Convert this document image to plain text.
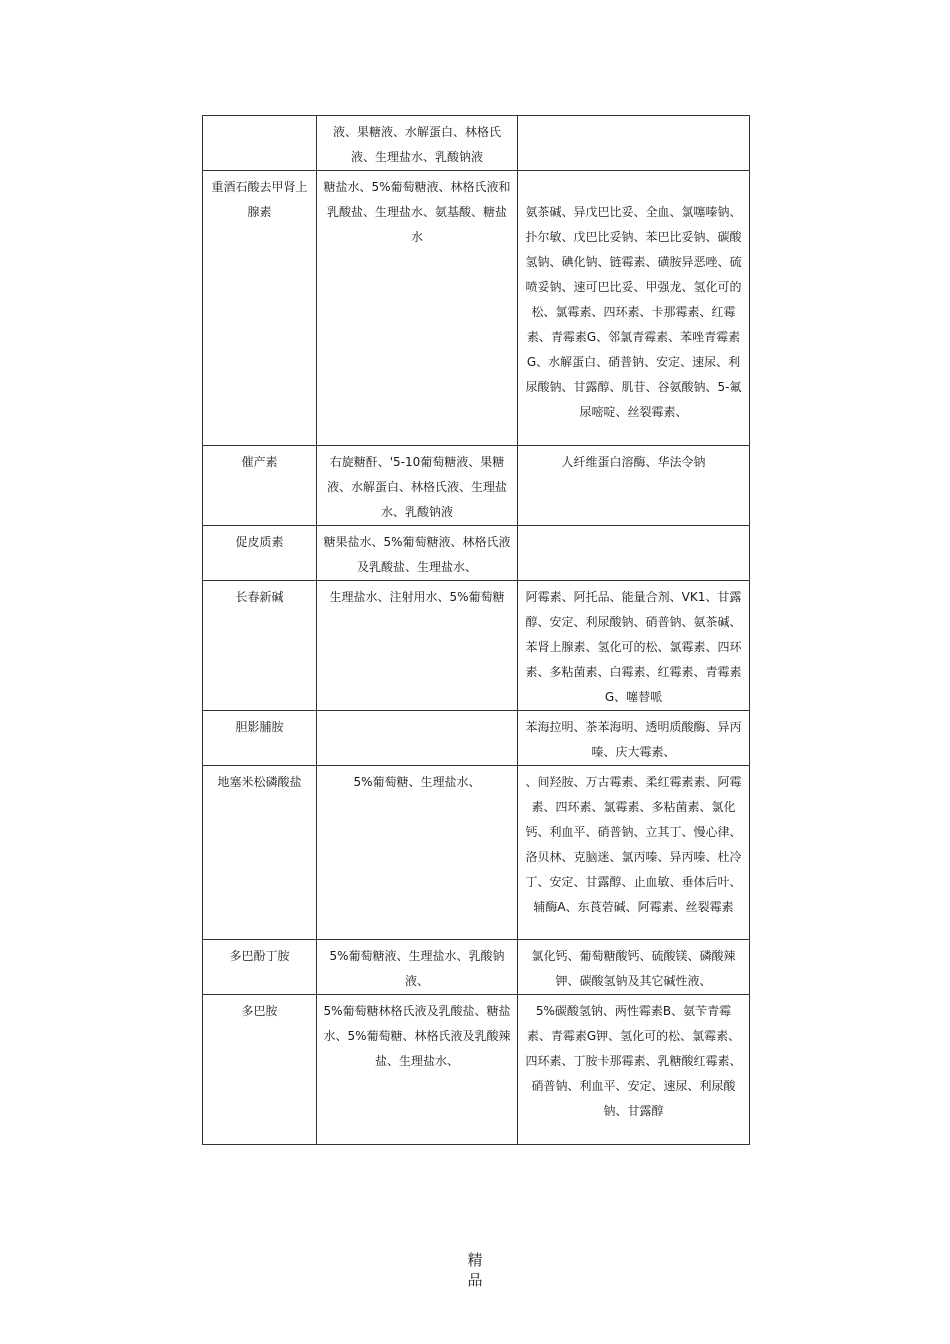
	液、果糖液、水解蛋白、林格氏液、生理盐水、乳酸钠液	
重酒石酸去甲肾上腺素	糖盐水、5%葡萄糖液、林格氏液和乳酸盐、生理盐水、氨基酸、糖盐水	氨茶碱、异戊巴比妥、全血、氯噻嗪钠、扑尔敏、戊巴比妥钠、苯巴比妥钠、碳酸氢钠、碘化钠、链霉素、磺胺异恶唑、硫喷妥钠、速可巴比妥、甲强龙、氢化可的松、氯霉素、四环素、卡那霉素、红霉素、青霉素G、邻氯青霉素、苯唑青霉素G、水解蛋白、硝普钠、安定、速尿、利尿酸钠、甘露醇、肌苷、谷氨酸钠、5-氟尿嘧啶、丝裂霉素、
催产素	右旋糖酐、'5-10葡萄糖液、果糖液、水解蛋白、林格氏液、生理盐水、乳酸钠液	人纤维蛋白溶酶、华法令钠
促皮质素	糖果盐水、5%葡萄糖液、林格氏液及乳酸盐、生理盐水、	
长春新碱	生理盐水、注射用水、5%葡萄糖	阿霉素、阿托品、能量合剂、VK1、甘露醇、安定、利尿酸钠、硝普钠、氨茶碱、苯肾上腺素、氢化可的松、氯霉素、四环素、多粘菌素、白霉素、红霉素、青霉素G、噻替哌
胆影脯胺		苯海拉明、茶苯海明、透明质酸酶、异丙嗪、庆大霉素、
地塞米松磷酸盐	5%葡萄糖、生理盐水、	、间羟胺、万古霉素、柔红霉素素、阿霉素、四环素、氯霉素、多粘菌素、氯化钙、利血平、硝普钠、立其丁、慢心律、洛贝林、克脑迷、氯丙嗪、异丙嗪、杜冷丁、安定、甘露醇、止血敏、垂体后叶、辅酶A、东莨菪碱、阿霉素、丝裂霉素
多巴酚丁胺	5%葡萄糖液、生理盐水、乳酸钠液、	氯化钙、葡萄糖酸钙、硫酸镁、磷酸辣钾、碳酸氢钠及其它碱性液、
多巴胺	5%葡萄糖林格氏液及乳酸盐、糖盐水、5%葡萄糖、林格氏液及乳酸辣盐、生理盐水、	5%碳酸氢钠、两性霉素B、氨苄青霉素、青霉素G钾、氢化可的松、氯霉素、四环素、丁胺卡那霉素、乳糖酸红霉素、硝普钠、利血平、安定、速尿、利尿酸钠、甘露醇
精
品
